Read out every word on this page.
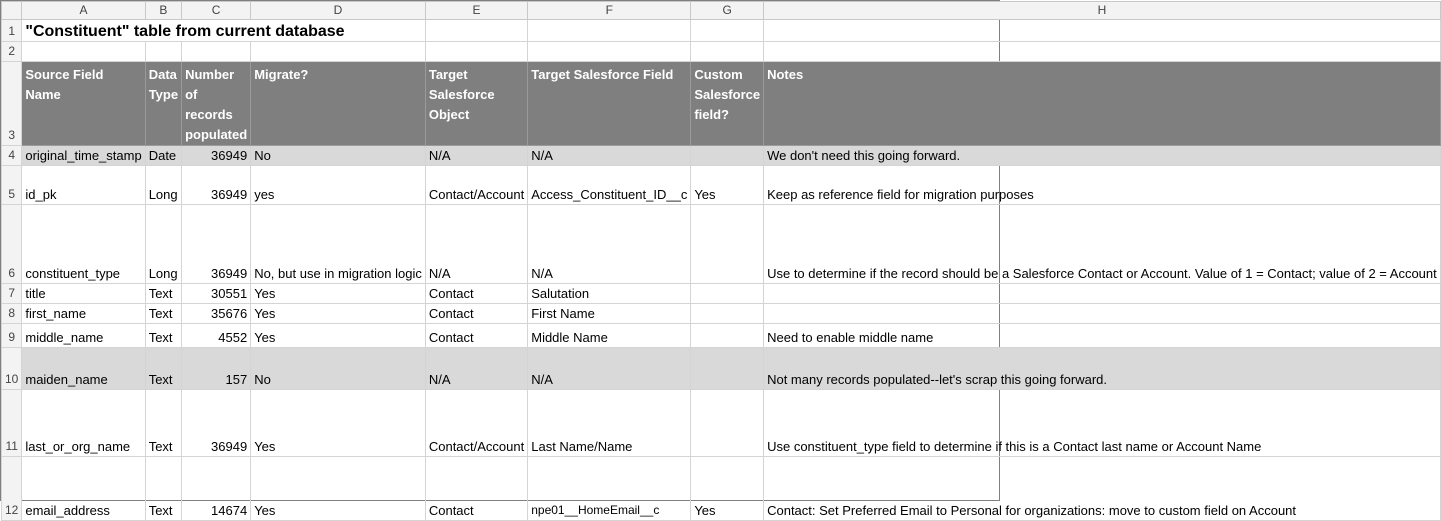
	A	B	C	D	E	F	G	H
1	"Constituent" table from current database							
2								
3	Source Field Name	Data Type	Number of records populated	Migrate?	Target Salesforce Object	Target Salesforce Field	Custom Salesforce field?	Notes
4	original_time_stamp	Date	36949	No	N/A	N/A		We don't need this going forward.
5	id_pk	Long	36949	yes	Contact/Account	Access_Constituent_ID__c	Yes	Keep as reference field for migration purposes
6	constituent_type	Long	36949	No, but use in migration logic	N/A	N/A		Use to determine if the record should be a Salesforce Contact or Account. Value of 1 = Contact; value of 2 = Account
7	title	Text	30551	Yes	Contact	Salutation		
8	first_name	Text	35676	Yes	Contact	First Name		
9	middle_name	Text	4552	Yes	Contact	Middle Name		Need to enable middle name
10	maiden_name	Text	157	No	N/A	N/A		Not many records populated--let's scrap this going forward.
11	last_or_org_name	Text	36949	Yes	Contact/Account	Last Name/Name		Use constituent_type field to determine if this is a Contact last name or Account Name
12	email_address	Text	14674	Yes	Contact	npe01__HomeEmail__c	Yes	Contact: Set Preferred Email to Personal for organizations: move to custom field on Account
